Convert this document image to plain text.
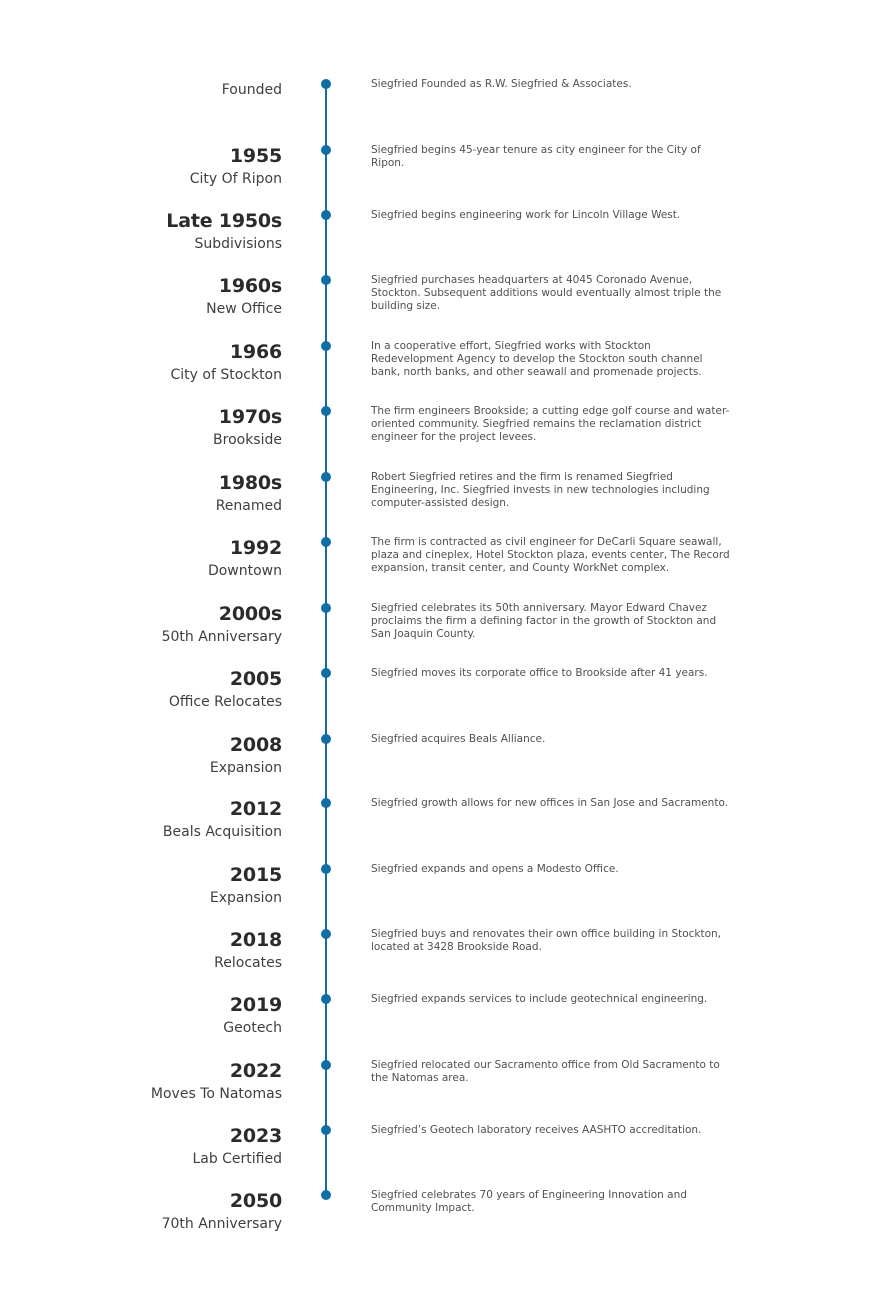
Founded	Siegfried Founded as R.W. Siegfried & Associates.
1955
City Of Ripon
Siegfried begins 45-year tenure as city engineer for the City of Ripon.
Late 1950s
Subdivisions
Siegfried begins engineering work for Lincoln Village West.
1960s
New Office
Siegfried purchases headquarters at 4045 Coronado Avenue, Stockton. Subsequent additions would eventually almost triple the building size.
1966
City of Stockton
In a cooperative effort, Siegfried works with Stockton Redevelopment Agency to develop the Stockton south channel bank, north banks, and other seawall and promenade projects.
1970s
Brookside
The firm engineers Brookside; a cutting edge golf course and water-oriented community. Siegfried remains the reclamation district engineer for the project levees.
1980s
Renamed
Robert Siegfried retires and the firm is renamed Siegfried Engineering, Inc. Siegfried invests in new technologies including computer-assisted design.
1992
Downtown
The firm is contracted as civil engineer for DeCarli Square seawall, plaza and cineplex, Hotel Stockton plaza, events center, The Record expansion, transit center, and County WorkNet complex.
2000s
50th Anniversary
Siegfried celebrates its 50th anniversary. Mayor Edward Chavez proclaims the firm a defining factor in the growth of Stockton and San Joaquin County.
2005
Office Relocates
Siegfried moves its corporate office to Brookside after 41 years.
2008
Expansion
Siegfried acquires Beals Alliance.
2012
Beals Acquisition
Siegfried growth allows for new offices in San Jose and Sacramento.
2015
Expansion
Siegfried expands and opens a Modesto Office.
2018
Relocates
Siegfried buys and renovates their own office building in Stockton, located at 3428 Brookside Road.
2019
Geotech
Siegfried expands services to include geotechnical engineering.
2022
Moves To Natomas
Siegfried relocated our Sacramento office from Old Sacramento to the Natomas area.
2023
Lab Certified
Siegfried’s Geotech laboratory receives AASHTO accreditation.
2050
70th Anniversary
Siegfried celebrates 70 years of Engineering Innovation and Community Impact.
